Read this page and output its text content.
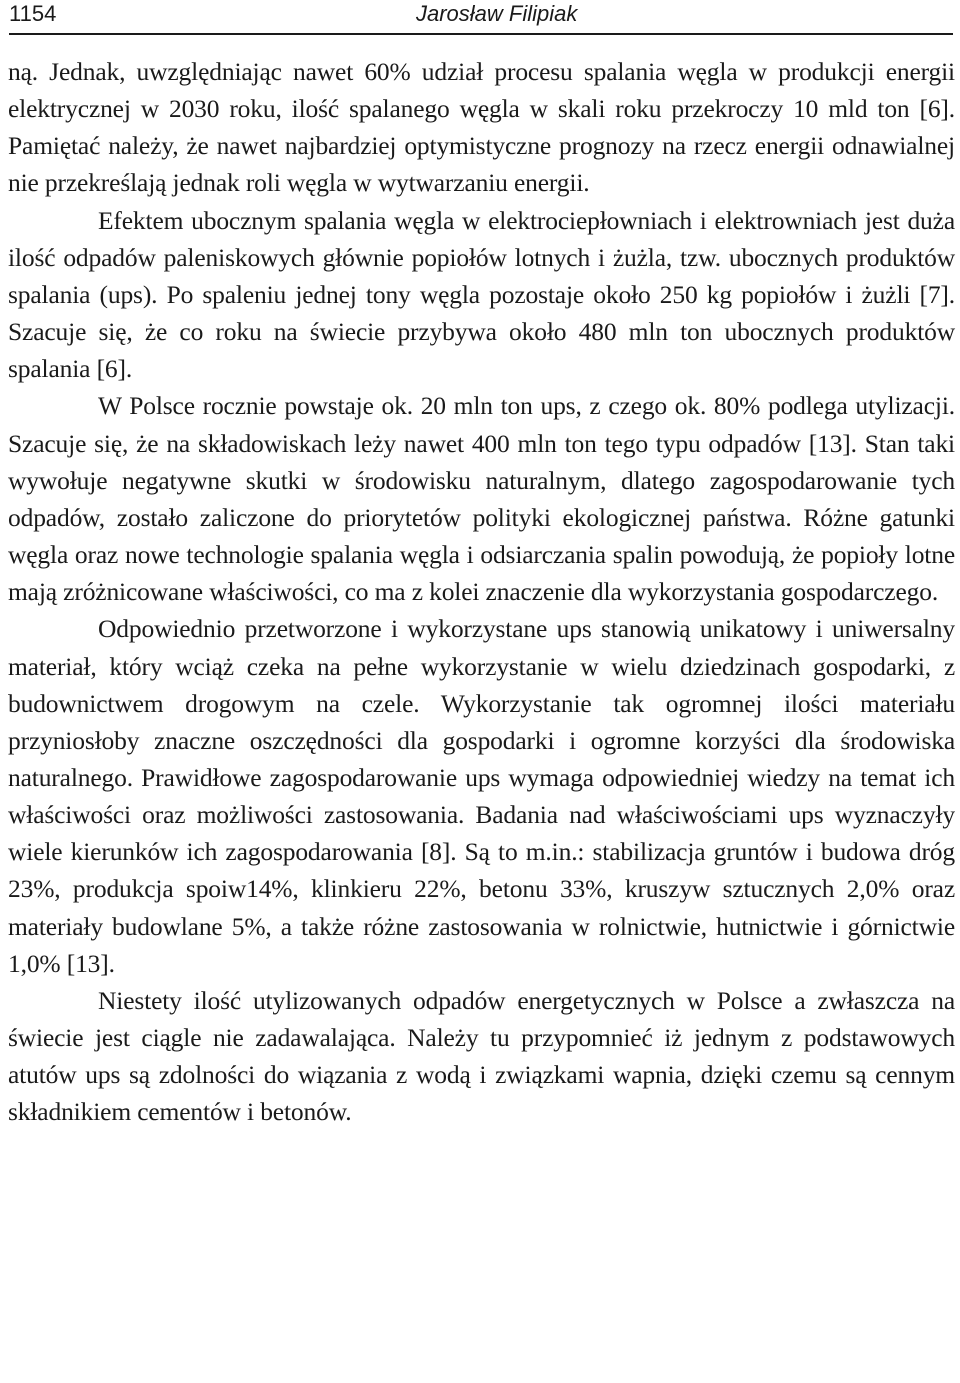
1154	Jarosław Filipiak

ną. Jednak, uwzględniając nawet 60% udział procesu spalania węgla w produkcji energii elektrycznej w 2030 roku, ilość spalanego węgla w skali roku przekroczy 10 mld ton [6]. Pamiętać należy, że nawet najbardziej optymistyczne prognozy na rzecz energii odnawialnej nie przekreślają jednak roli węgla w wytwarzaniu energii.

Efektem ubocznym spalania węgla w elektrociepłowniach i elektrowniach jest duża ilość odpadów paleniskowych głównie popiołów lotnych i żużla, tzw. ubocznych produktów spalania (ups). Po spaleniu jednej tony węgla pozostaje około 250 kg popiołów i żużli [7]. Szacuje się, że co roku na świecie przybywa około 480 mln ton ubocznych produktów spalania [6].

W Polsce rocznie powstaje ok. 20 mln ton ups, z czego ok. 80% podlega utylizacji. Szacuje się, że na składowiskach leży nawet 400 mln ton tego typu odpadów [13]. Stan taki wywołuje negatywne skutki w środowisku naturalnym, dlatego zagospodarowanie tych odpadów, zostało zaliczone do priorytetów polityki ekologicznej państwa. Różne gatunki węgla oraz nowe technologie spalania węgla i odsiarczania spalin powodują, że popioły lotne mają zróżnicowane właściwości, co ma z kolei znaczenie dla wykorzystania gospodarczego.

Odpowiednio przetworzone i wykorzystane ups stanowią unikatowy i uniwersalny materiał, który wciąż czeka na pełne wykorzystanie w wielu dziedzinach gospodarki, z budownictwem drogowym na czele. Wykorzystanie tak ogromnej ilości materiału przyniosłoby znaczne oszczędności dla gospodarki i ogromne korzyści dla środowiska naturalnego. Prawidłowe zagospodarowanie ups wymaga odpowiedniej wiedzy na temat ich właściwości oraz możliwości zastosowania. Badania nad właściwościami ups wyznaczyły wiele kierunków ich zagospodarowania [8]. Są to m.in.: stabilizacja gruntów i budowa dróg 23%, produkcja spoiw14%, klinkieru 22%, betonu 33%, kruszyw sztucznych 2,0% oraz materiały budowlane 5%, a także różne zastosowania w rolnictwie, hutnictwie i górnictwie 1,0% [13].

Niestety ilość utylizowanych odpadów energetycznych w Polsce a zwłaszcza na świecie jest ciągle nie zadawalająca. Należy tu przypomnieć iż jednym z podstawowych atutów ups są zdolności do wiązania z wodą i związkami wapnia, dzięki czemu są cennym składnikiem cementów i betonów.
